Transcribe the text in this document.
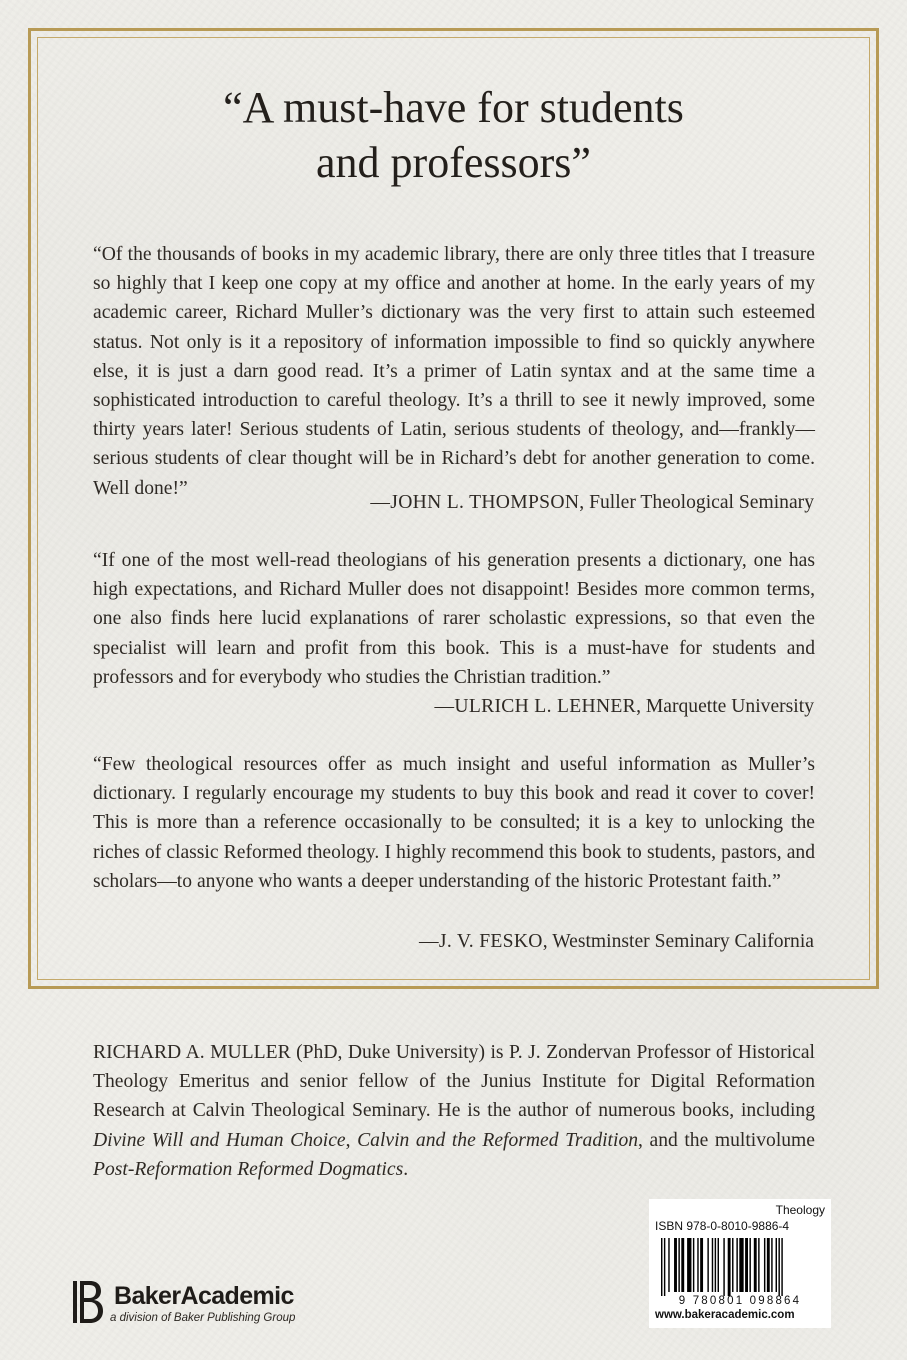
“A must-have for students
and professors”

“Of the thousands of books in my academic library, there are only three titles that I treasure so highly that I keep one copy at my office and another at home. In the early years of my academic career, Richard Muller’s dictionary was the very first to attain such esteemed status. Not only is it a repository of information impossible to find so quickly anywhere else, it is just a darn good read. It’s a primer of Latin syntax and at the same time a sophisticated introduction to careful theology. It’s a thrill to see it newly improved, some thirty years later! Serious students of Latin, serious students of theology, and—frankly—serious students of clear thought will be in Richard’s debt for another generation to come. Well done!”

—JOHN L. THOMPSON, Fuller Theological Seminary

“If one of the most well-read theologians of his generation presents a dictionary, one has high expectations, and Richard Muller does not disappoint! Besides more common terms, one also finds here lucid explanations of rarer scholastic expressions, so that even the specialist will learn and profit from this book. This is a must-have for students and professors and for everybody who studies the Christian tradition.”

—ULRICH L. LEHNER, Marquette University

“Few theological resources offer as much insight and useful information as Muller’s dictionary. I regularly encourage my students to buy this book and read it cover to cover! This is more than a reference occasionally to be consulted; it is a key to unlocking the riches of classic Reformed theology. I highly recommend this book to students, pastors, and scholars—to anyone who wants a deeper understanding of the historic Protestant faith.”

—J. V. FESKO, Westminster Seminary California

RICHARD A. MULLER (PhD, Duke University) is P. J. Zondervan Professor of Historical Theology Emeritus and senior fellow of the Junius Institute for Digital Reformation Research at Calvin Theological Seminary. He is the author of numerous books, including Divine Will and Human Choice, Calvin and the Reformed Tradition, and the multivolume Post-Reformation Reformed Dogmatics.

BakerAcademic
a division of Baker Publishing Group
Theology
ISBN 978-0-8010-9886-4
9 780801 098864
www.bakeracademic.com
